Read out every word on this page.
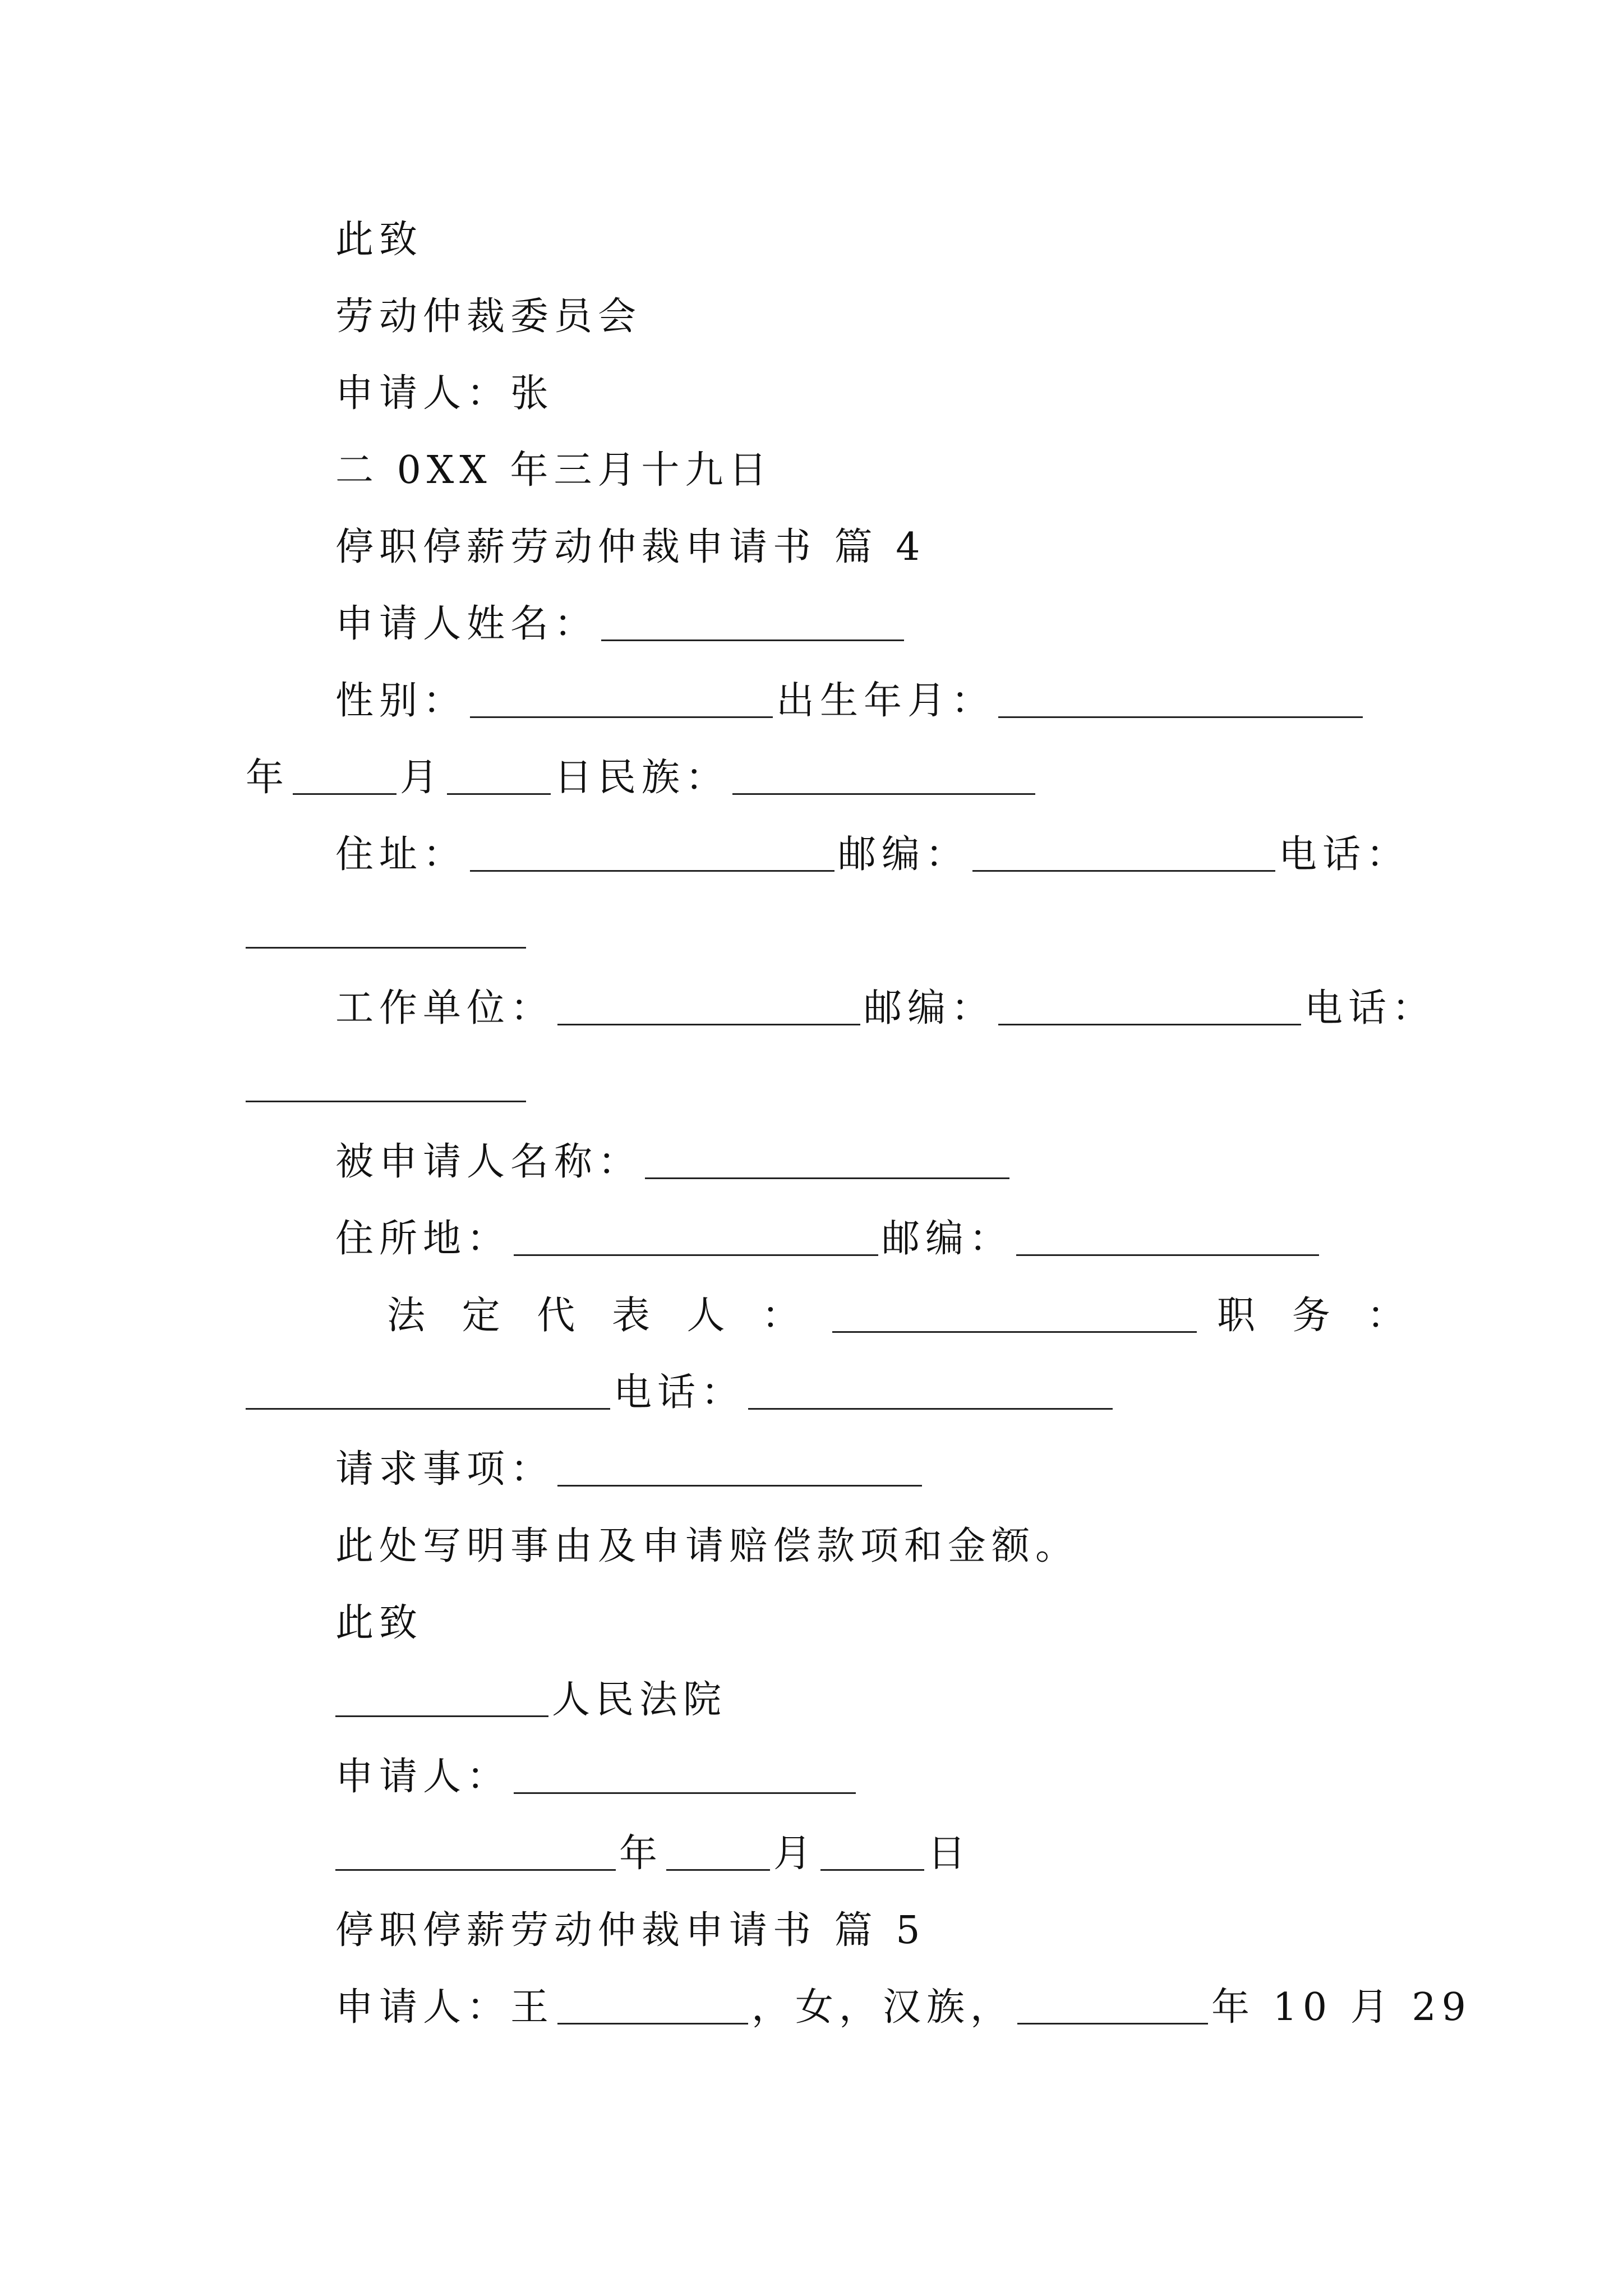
此致
劳动仲裁委员会
申请人：张
二 0XX 年三月十九日
停职停薪劳动仲裁申请书 篇 4
申请人姓名：
性别：	出生年月：
年	月	日民族：
住址：	邮编：	电话：
工作单位：	邮编：	电话：
被申请人名称：
住所地：	邮编：
法 定 代 表 人 ：	职 务 ：
电话：
请求事项：
此处写明事由及申请赔偿款项和金额。
此致
人民法院
申请人：
年	月	日
停职停薪劳动仲裁申请书 篇 5
申请人：王	，女，汉族，	年 10 月 29
